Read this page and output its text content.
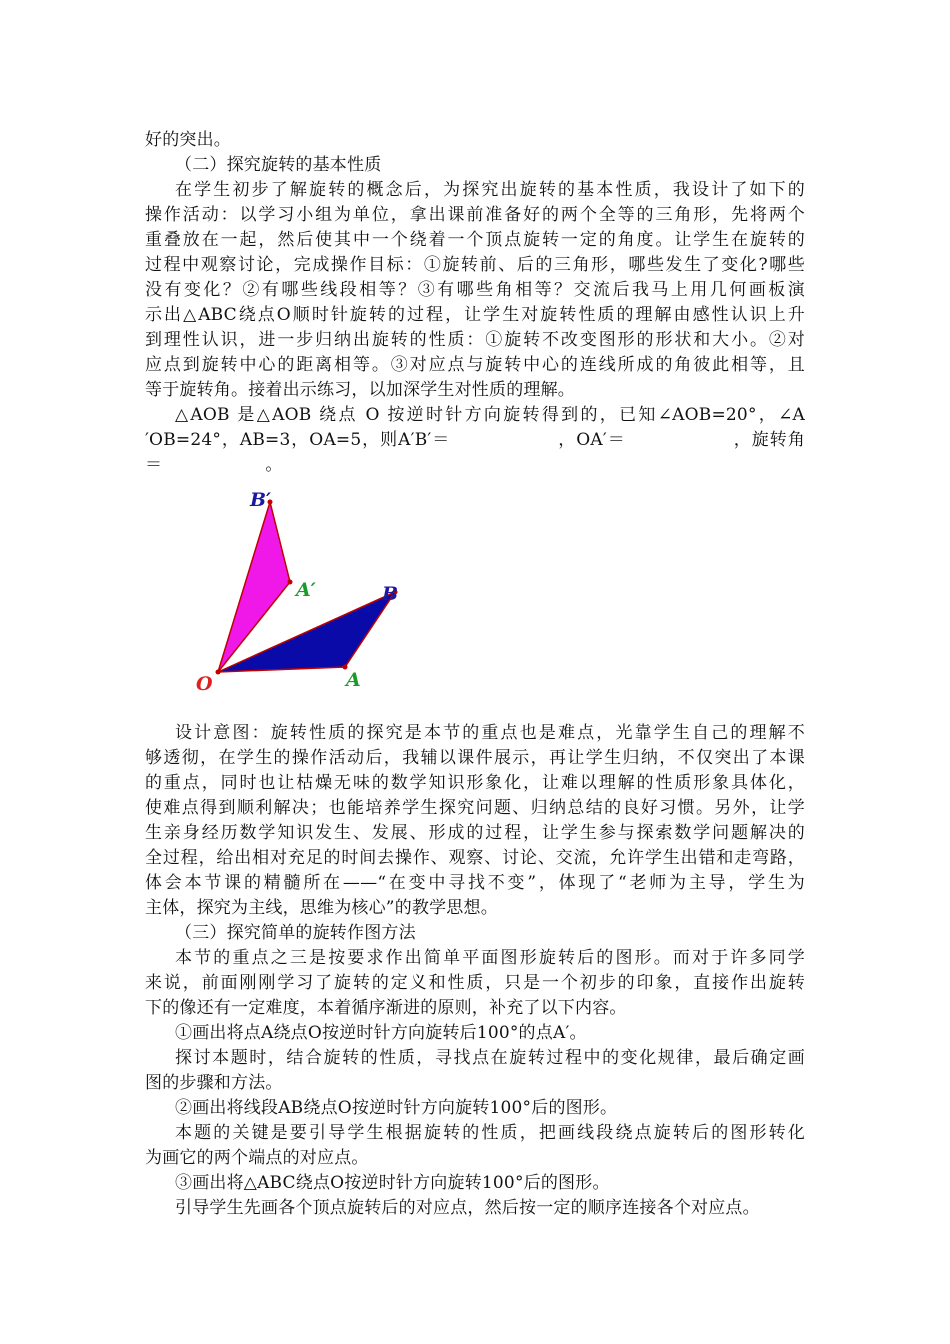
好的突出。
（二）探究旋转的基本性质
在学生初步了解旋转的概念后，为探究出旋转的基本性质，我设计了如下的
操作活动：以学习小组为单位，拿出课前准备好的两个全等的三角形，先将两个
重叠放在一起，然后使其中一个绕着一个顶点旋转一定的角度。让学生在旋转的
过程中观察讨论，完成操作目标：①旋转前、后的三角形，哪些发生了变化?哪些
没有变化？②有哪些线段相等？③有哪些角相等？交流后我马上用几何画板演
示出△ABC绕点O顺时针旋转的过程，让学生对旋转性质的理解由感性认识上升
到理性认识，进一步归纳出旋转的性质：①旋转不改变图形的形状和大小。②对
应点到旋转中心的距离相等。③对应点与旋转中心的连线所成的角彼此相等，且
等于旋转角。接着出示练习，以加深学生对性质的理解。
△AOB 是△AOB 绕点 O 按逆时针方向旋转得到的，已知∠AOB=20°，∠A
′OB=24°，AB=3，OA=5，则A′B′＝　　　　　　，OA′＝　　　　　　，旋转角
＝　　　　　　。
O	A
B
A′
B′
设计意图：旋转性质的探究是本节的重点也是难点，光靠学生自己的理解不
够透彻，在学生的操作活动后，我辅以课件展示，再让学生归纳，不仅突出了本课
的重点，同时也让枯燥无味的数学知识形象化，让难以理解的性质形象具体化，
使难点得到顺利解决；也能培养学生探究问题、归纳总结的良好习惯。另外，让学
生亲身经历数学知识发生、发展、形成的过程，让学生参与探索数学问题解决的
全过程，给出相对充足的时间去操作、观察、讨论、交流，允许学生出错和走弯路，
体会本节课的精髓所在——“在变中寻找不变”，体现了“老师为主导，学生为
主体，探究为主线，思维为核心”的教学思想。
（三）探究简单的旋转作图方法
本节的重点之三是按要求作出简单平面图形旋转后的图形。而对于许多同学
来说，前面刚刚学习了旋转的定义和性质，只是一个初步的印象，直接作出旋转
下的像还有一定难度，本着循序渐进的原则，补充了以下内容。
①画出将点A绕点O按逆时针方向旋转后100°的点A′。
探讨本题时，结合旋转的性质，寻找点在旋转过程中的变化规律，最后确定画
图的步骤和方法。
②画出将线段AB绕点O按逆时针方向旋转100°后的图形。
本题的关键是要引导学生根据旋转的性质，把画线段绕点旋转后的图形转化
为画它的两个端点的对应点。
③画出将△ABC绕点O按逆时针方向旋转100°后的图形。
引导学生先画各个顶点旋转后的对应点，然后按一定的顺序连接各个对应点。
